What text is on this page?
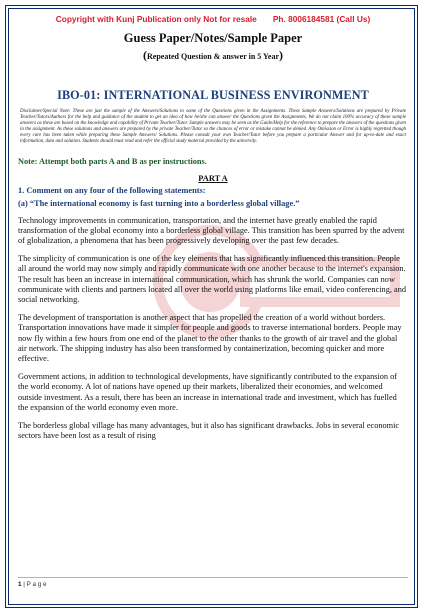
Copyright with Kunj Publication only Not for resale Ph. 8006184581 (Call Us)

Guess Paper/Notes/Sample Paper

(Repeated Question & answer in 5 Year)

IBO-01: INTERNATIONAL BUSINESS ENVIRONMENT

Disclaimer/Special Note: These are just the sample of the Answers/Solutions to some of the Questions given in the Assignments. These Sample Answers/Solutions are prepared by Private Teacher/Tutors/Authors for the help and guidance of the student to get an idea of how he/she can answer the Questions given the Assignments. We do not claim 100% accuracy of these sample answers as these are based on the knowledge and capability of Private Teacher/Tutor. Sample answers may be seen as the Guide/Help for the reference to prepare the answers of the questions given in the assignment. As these solutions and answers are prepared by the private Teacher/Tutor so the chances of error or mistake cannot be denied. Any Omission or Error is highly regretted though every care has been taken while preparing these Sample Answers/ Solutions. Please consult your own Teacher/Tutor before you prepare a particular Answer and for up-to-date and exact information, data and solution. Students should must read and refer the official study material provided by the university.

Note: Attempt both parts A and B as per instructions.

PART A

1. Comment on any four of the following statements:

(a) “The international economy is fast turning into a borderless global village.”

Technology improvements in communication, transportation, and the internet have greatly enabled the rapid transformation of the global economy into a borderless global village. This transition has been spurred by the advent of globalization, a phenomena that has been progressively developing over the past few decades.

The simplicity of communication is one of the key elements that has significantly influenced this transition. People all around the world may now simply and rapidly communicate with one another because to the internet's expansion. The result has been an increase in international communication, which has shrunk the world. Companies can now communicate with clients and partners located all over the world using platforms like email, video conferencing, and social networking.

The development of transportation is another aspect that has propelled the creation of a world without borders. Transportation innovations have made it simpler for people and goods to traverse international borders. People may now fly within a few hours from one end of the planet to the other thanks to the growth of air travel and the global air network. The shipping industry has also been transformed by containerization, becoming quicker and more effective.

Government actions, in addition to technological developments, have significantly contributed to the expansion of the world economy. A lot of nations have opened up their markets, liberalized their economies, and welcomed outside investment. As a result, there has been an increase in international trade and investment, which has fuelled the expansion of the world economy even more.

The borderless global village has many advantages, but it also has significant drawbacks. Jobs in several economic sectors have been lost as a result of rising

1 | P a g e
